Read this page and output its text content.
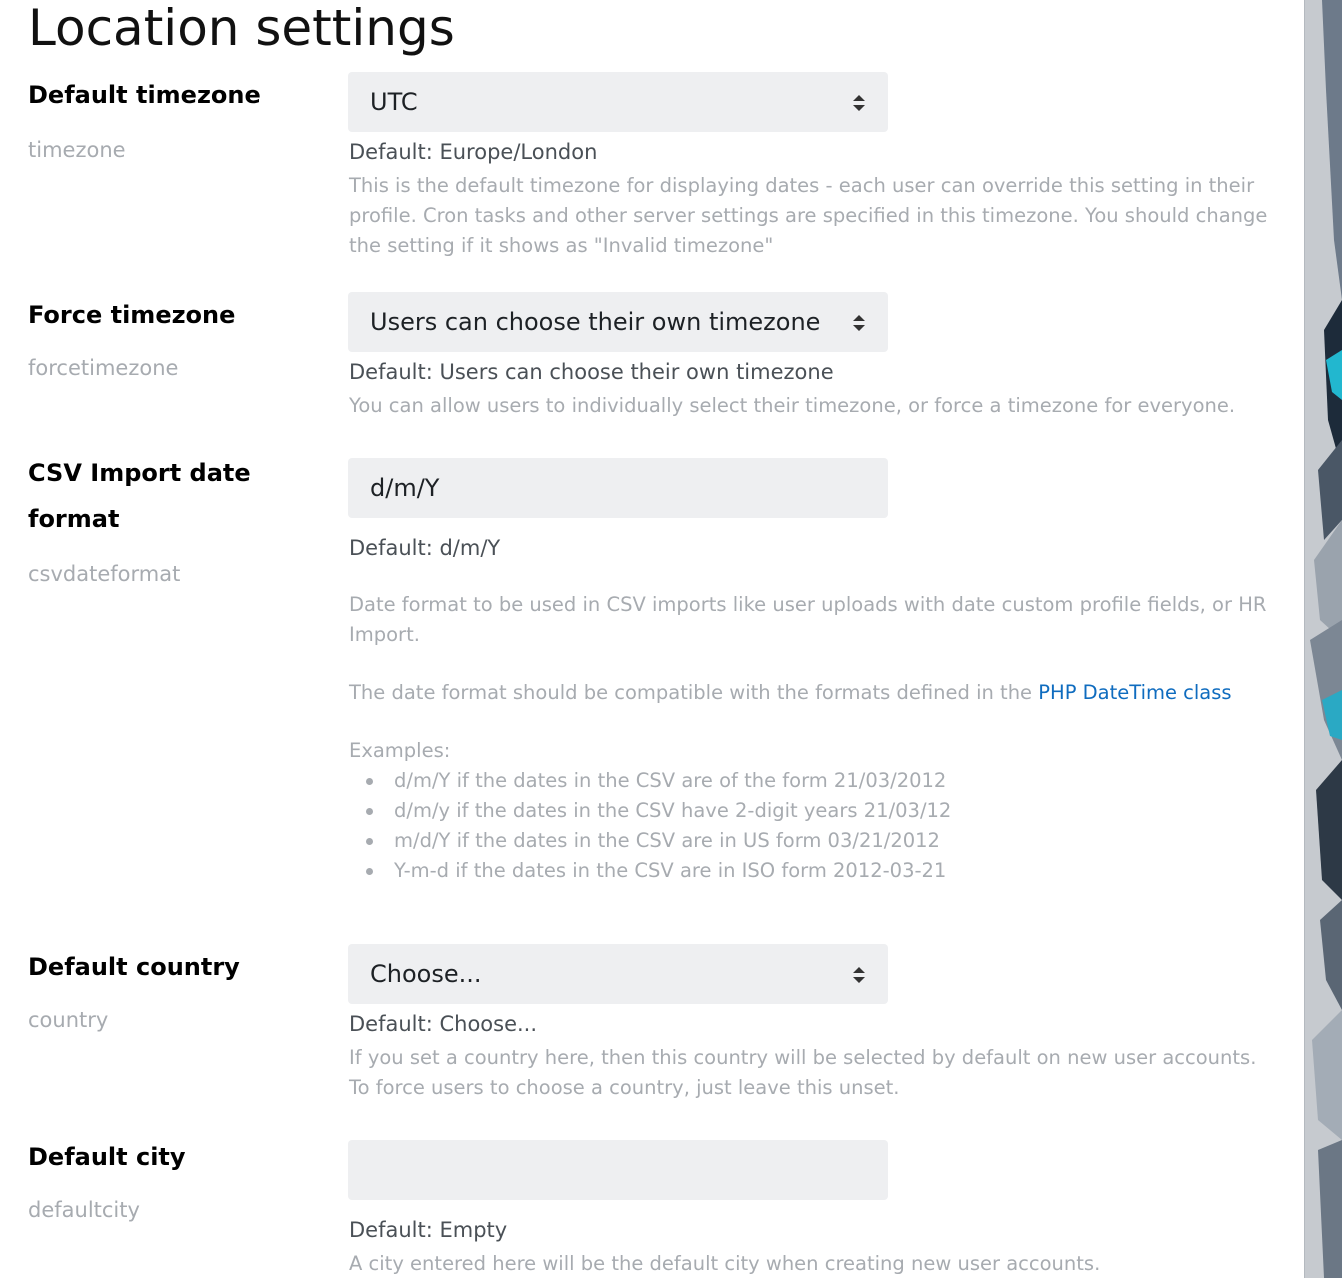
Location settings
Default timezone
timezone
UTC
Default: Europe/London
This is the default timezone for displaying dates - each user can override this setting in their profile. Cron tasks and other server settings are specified in this timezone. You should change the setting if it shows as "Invalid timezone"
Force timezone
forcetimezone
Users can choose their own timezone
Default: Users can choose their own timezone
You can allow users to individually select their timezone, or force a timezone for everyone.
CSV Import date
format
csvdateformat
d/m/Y
Default: d/m/Y

Date format to be used in CSV imports like user uploads with date custom profile fields, or HR Import.

The date format should be compatible with the formats defined in the PHP DateTime class

Examples:

d/m/Y if the dates in the CSV are of the form 21/03/2012
d/m/y if the dates in the CSV have 2-digit years 21/03/12
m/d/Y if the dates in the CSV are in US form 03/21/2012
Y-m-d if the dates in the CSV are in ISO form 2012-03-21
Default country
country
Choose...
Default: Choose...
If you set a country here, then this country will be selected by default on new user accounts. To force users to choose a country, just leave this unset.
Default city
defaultcity
Default: Empty
A city entered here will be the default city when creating new user accounts.
